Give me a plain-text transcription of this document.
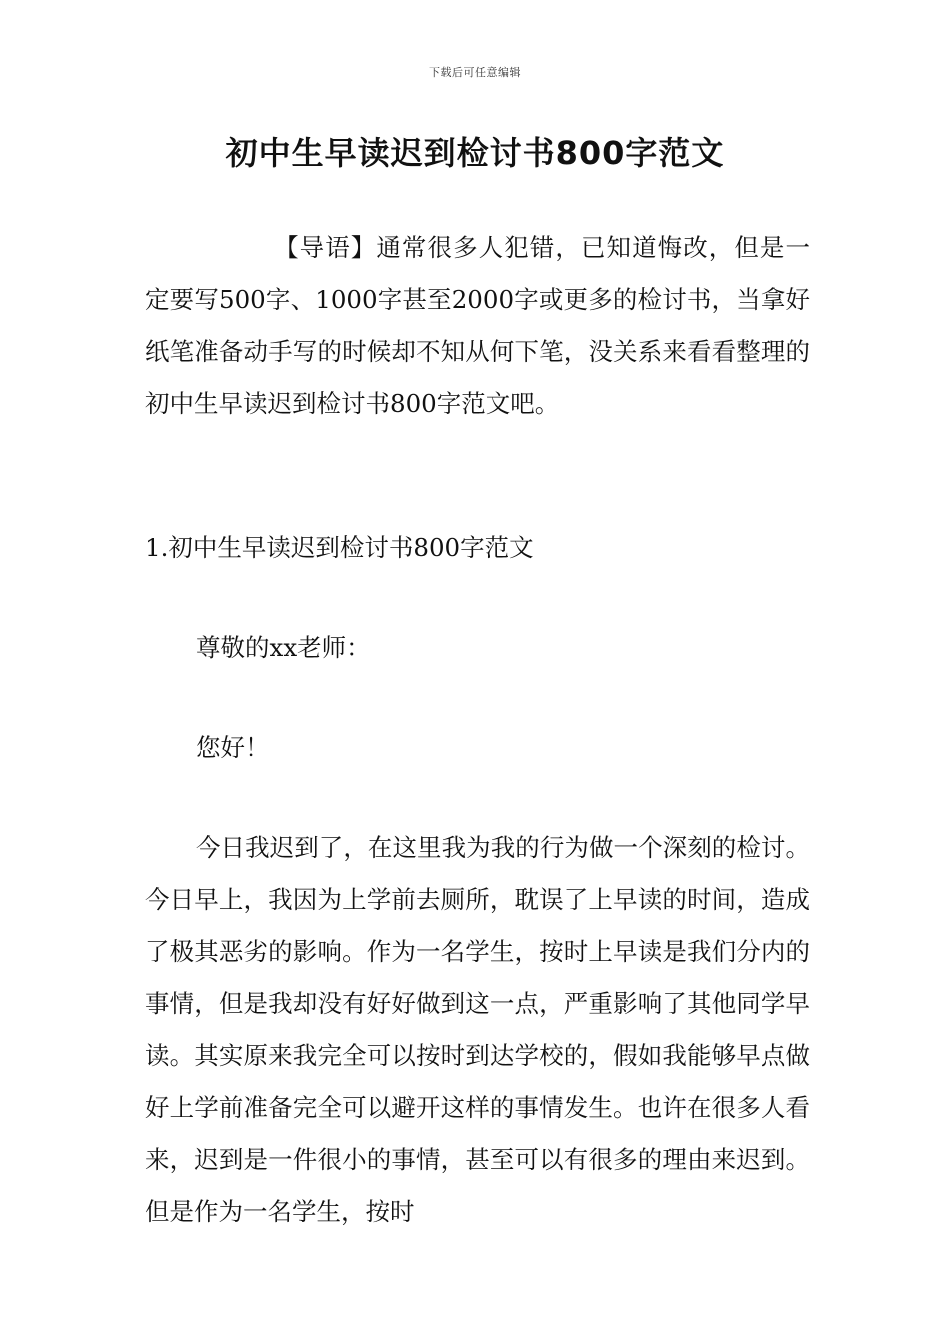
下载后可任意编辑
初中生早读迟到检讨书800字范文
【导语】通常很多人犯错，已知道悔改，但是一定要写500字、1000字甚至2000字或更多的检讨书，当拿好纸笔准备动手写的时候却不知从何下笔，没关系来看看整理的初中生早读迟到检讨书800字范文吧。
1.初中生早读迟到检讨书800字范文
尊敬的xx老师：
您好！
今日我迟到了，在这里我为我的行为做一个深刻的检讨。今日早上，我因为上学前去厕所，耽误了上早读的时间，造成了极其恶劣的影响。作为一名学生，按时上早读是我们分内的事情，但是我却没有好好做到这一点，严重影响了其他同学早读。其实原来我完全可以按时到达学校的，假如我能够早点做好上学前准备完全可以避开这样的事情发生。也许在很多人看来，迟到是一件很小的事情，甚至可以有很多的理由来迟到。但是作为一名学生，按时
